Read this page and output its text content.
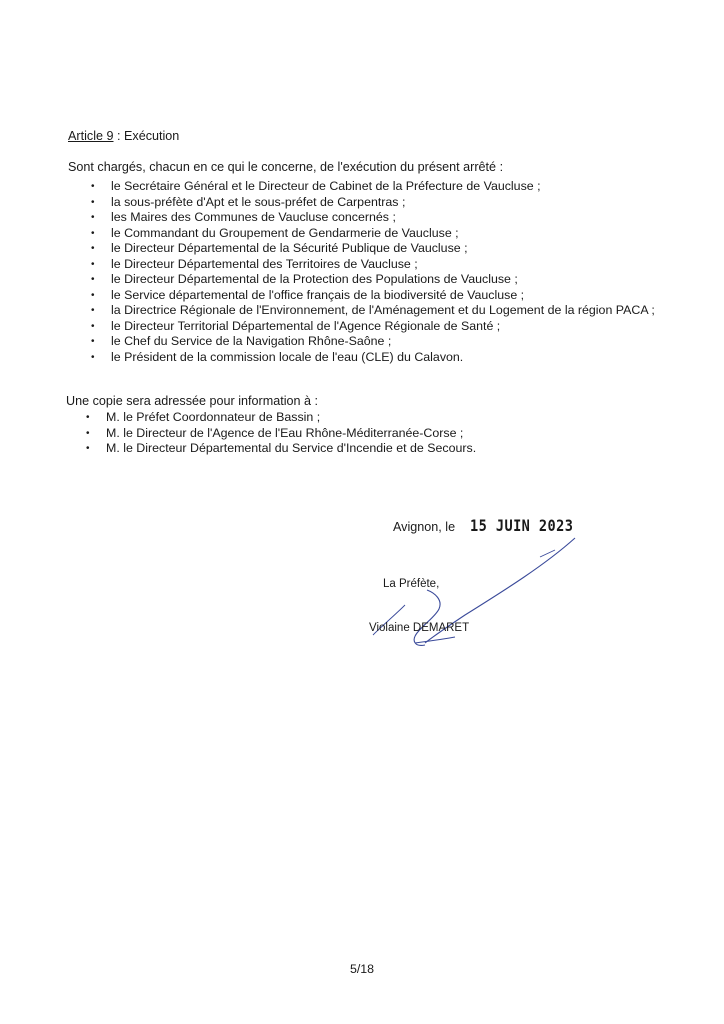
Article 9 : Exécution
Sont chargés, chacun en ce qui le concerne, de l'exécution du présent arrêté :
• le Secrétaire Général et le Directeur de Cabinet de la Préfecture de Vaucluse ;
• la sous-préfète d'Apt et le sous-préfet de Carpentras ;
• les Maires des Communes de Vaucluse concernés ;
• le Commandant du Groupement de Gendarmerie de Vaucluse ;
• le Directeur Départemental de la Sécurité Publique de Vaucluse ;
• le Directeur Départemental des Territoires de Vaucluse ;
• le Directeur Départemental de la Protection des Populations de Vaucluse ;
• le Service départemental de l'office français de la biodiversité de Vaucluse ;
• la Directrice Régionale de l'Environnement, de l'Aménagement et du Logement de la région PACA ;
• le Directeur Territorial Départemental de l'Agence Régionale de Santé ;
• le Chef du Service de la Navigation Rhône-Saône ;
• le Président de la commission locale de l'eau (CLE) du Calavon.
Une copie sera adressée pour information à :
• M. le Préfet Coordonnateur de Bassin ;
• M. le Directeur de l'Agence de l'Eau Rhône-Méditerranée-Corse ;
• M. le Directeur Départemental du Service d'Incendie et de Secours.
Avignon, le 15 JUIN 2023
La Préfète,
Violaine DEMARET
5/18
